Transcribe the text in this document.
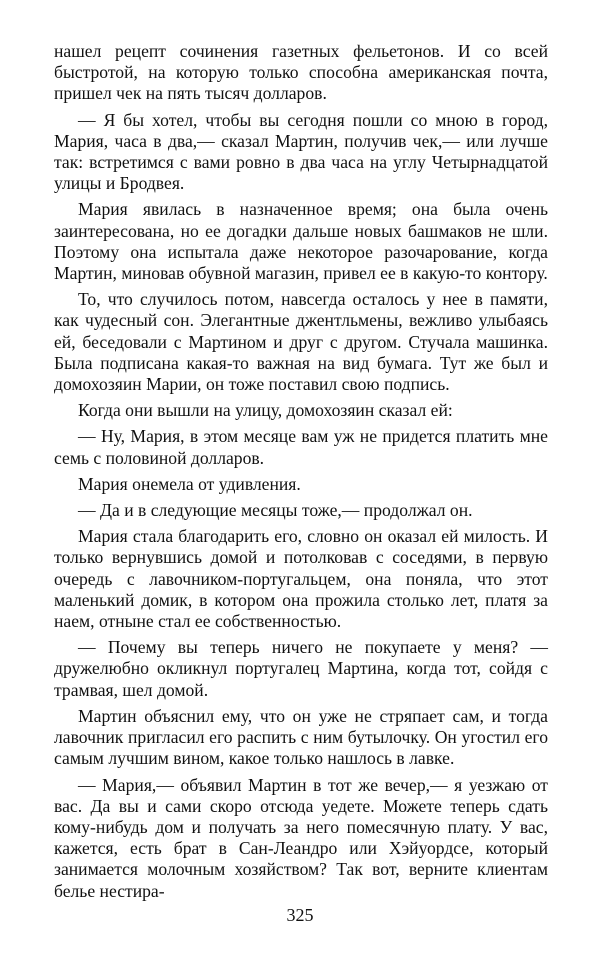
нашел рецепт сочинения газетных фельетонов. И со всей быстротой, на которую только способна американская почта, пришел чек на пять тысяч долларов.

— Я бы хотел, чтобы вы сегодня пошли со мною в город, Мария, часа в два,— сказал Мартин, получив чек,— или лучше так: встретимся с вами ровно в два часа на углу Четырнадцатой улицы и Бродвея.

Мария явилась в назначенное время; она была очень заинтересована, но ее догадки дальше новых башмаков не шли. Поэтому она испытала даже некоторое разочарование, когда Мартин, миновав обувной магазин, привел ее в какую-то контору.

То, что случилось потом, навсегда осталось у нее в памяти, как чудесный сон. Элегантные джентльмены, вежливо улыбаясь ей, беседовали с Мартином и друг с другом. Стучала машинка. Была подписана какая-то важная на вид бумага. Тут же был и домохозяин Марии, он тоже поставил свою подпись.

Когда они вышли на улицу, домохозяин сказал ей:

— Ну, Мария, в этом месяце вам уж не придется платить мне семь с половиной долларов.

Мария онемела от удивления.

— Да и в следующие месяцы тоже,— продолжал он.

Мария стала благодарить его, словно он оказал ей милость. И только вернувшись домой и потолковав с соседями, в первую очередь с лавочником-португальцем, она поняла, что этот маленький домик, в котором она прожила столько лет, платя за наем, отныне стал ее собственностью.

— Почему вы теперь ничего не покупаете у меня? — дружелюбно окликнул португалец Мартина, когда тот, сойдя с трамвая, шел домой.

Мартин объяснил ему, что он уже не стряпает сам, и тогда лавочник пригласил его распить с ним бутылочку. Он угостил его самым лучшим вином, какое только нашлось в лавке.

— Мария,— объявил Мартин в тот же вечер,— я уезжаю от вас. Да вы и сами скоро отсюда уедете. Можете теперь сдать кому-нибудь дом и получать за него помесячную плату. У вас, кажется, есть брат в Сан-Леандро или Хэйуордсе, который занимается молочным хозяйством? Так вот, верните клиентам белье нестира-

325
